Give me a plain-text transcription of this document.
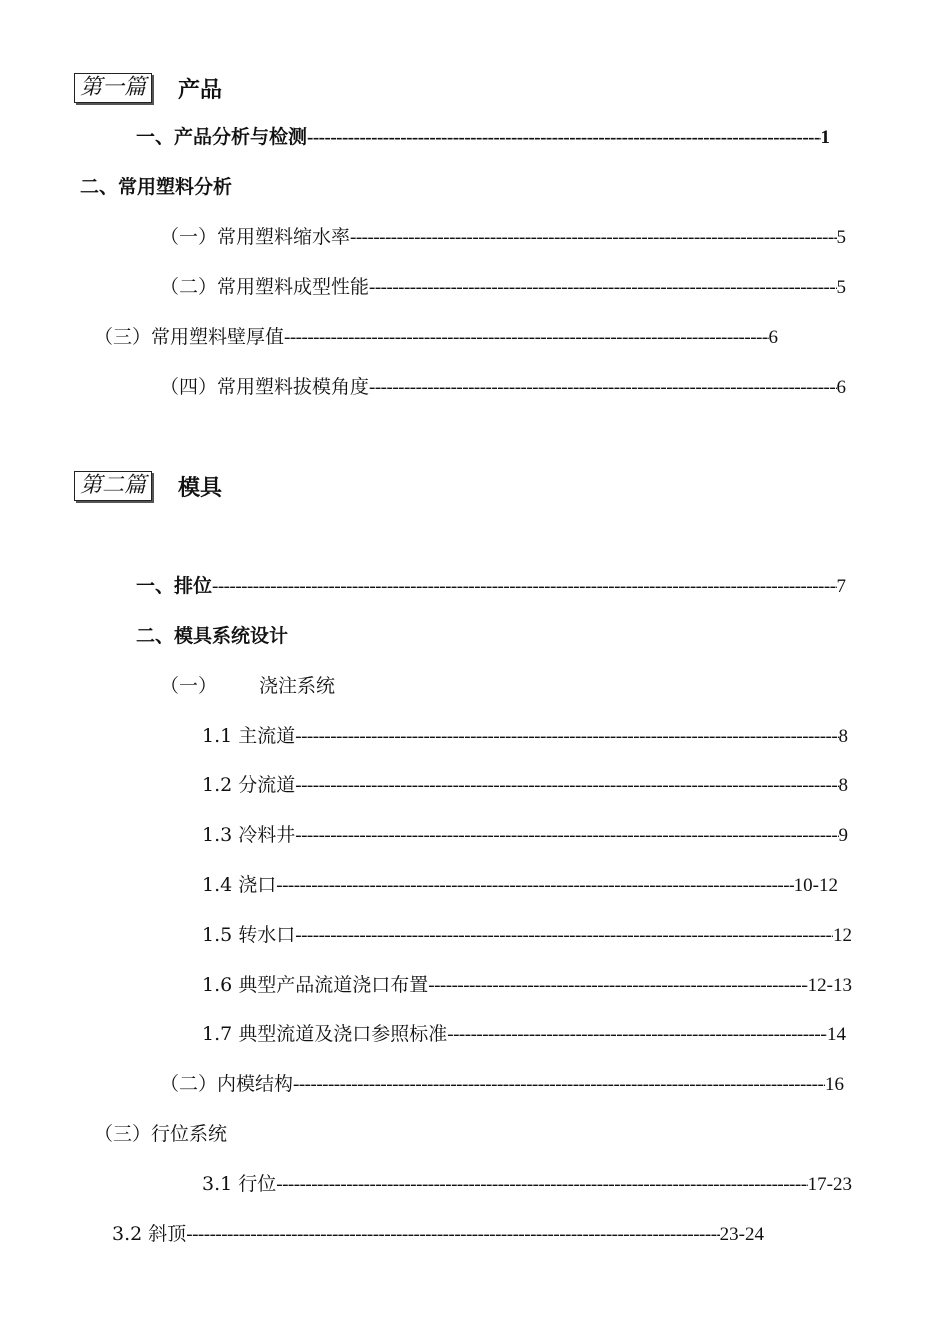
第一篇 产品
一、产品分析与检测 -----	1
二、常用塑料分析
（一）常用塑料缩水率 -----	5
（二）常用塑料成型性能 -----	5
（三）常用塑料壁厚值 -----	6
（四）常用塑料拔模角度 -----	6
第二篇 模具
一、排位 -----	7
二、模具系统设计
（一） 浇注系统
1.1 主流道 -----	8
1.2 分流道 -----	8
1.3 冷料井 -----	9
1.4 浇口 -----	10-12
1.5 转水口 -----	12
1.6 典型产品流道浇口布置 -----	12-13
1.7 典型流道及浇口参照标准 -----	14
（二）内模结构 -----	16
（三）行位系统
3.1 行位 -----	17-23
3.2 斜顶 -----	23-24
